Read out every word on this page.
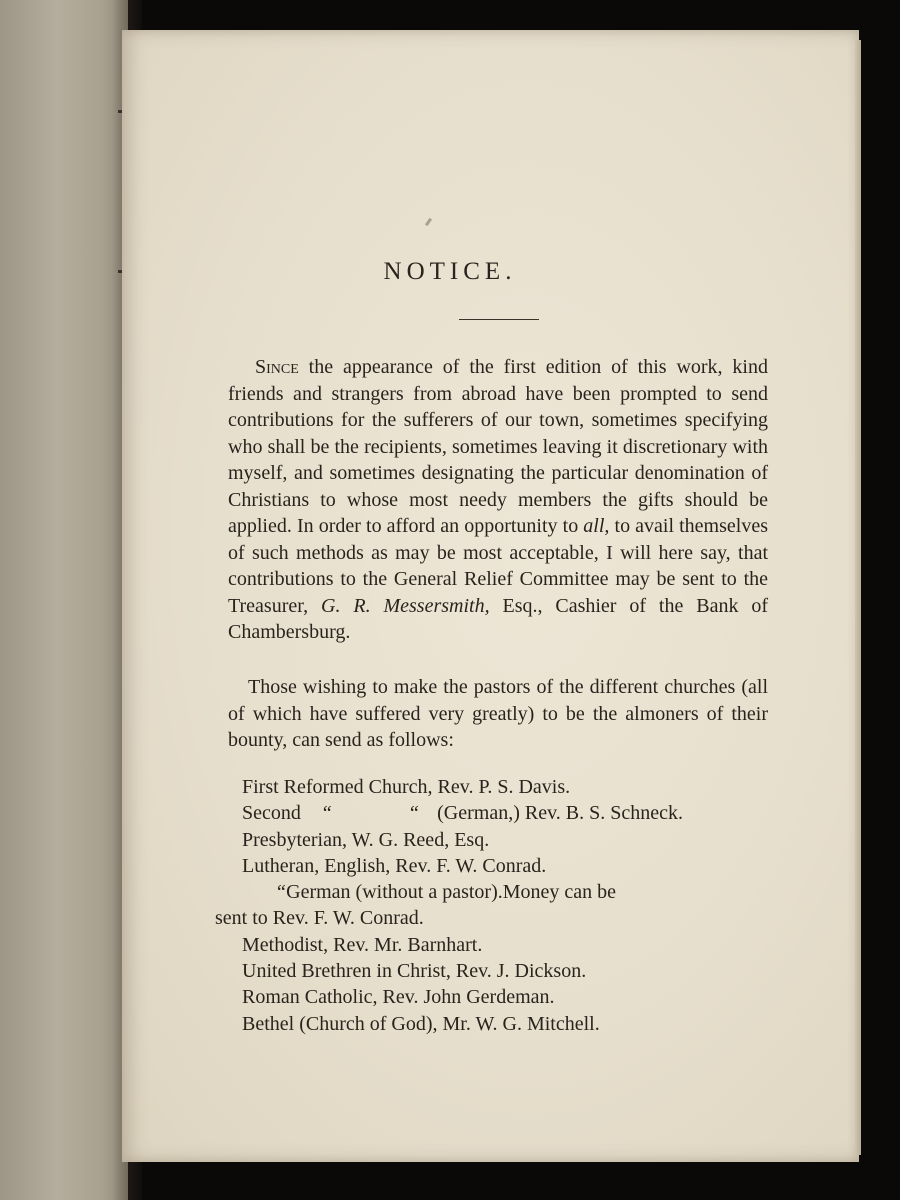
NOTICE.
Since the appearance of the first edition of this work, kind friends and strangers from abroad have been prompted to send contributions for the sufferers of our town, sometimes specifying who shall be the recipients, sometimes leaving it discretionary with myself, and sometimes designating the particular denomination of Christians to whose most needy members the gifts should be applied. In order to afford an opportunity to all, to avail themselves of such methods as may be most acceptable, I will here say, that contributions to the General Relief Committee may be sent to the Treasurer, G. R. Messersmith, Esq., Cashier of the Bank of Chambersburg.
Those wishing to make the pastors of the different churches (all of which have suffered very greatly) to be the almoners of their bounty, can send as follows:
First Reformed Church, Rev. P. S. Davis.
Second “	“ (German,) Rev. B. S. Schneck.
Presbyterian, W. G. Reed, Esq.
Lutheran, English, Rev. F. W. Conrad.
“German (without a pastor).Money can be
sent to Rev. F. W. Conrad.
Methodist, Rev. Mr. Barnhart.
United Brethren in Christ, Rev. J. Dickson.
Roman Catholic, Rev. John Gerdeman.
Bethel (Church of God), Mr. W. G. Mitchell.
